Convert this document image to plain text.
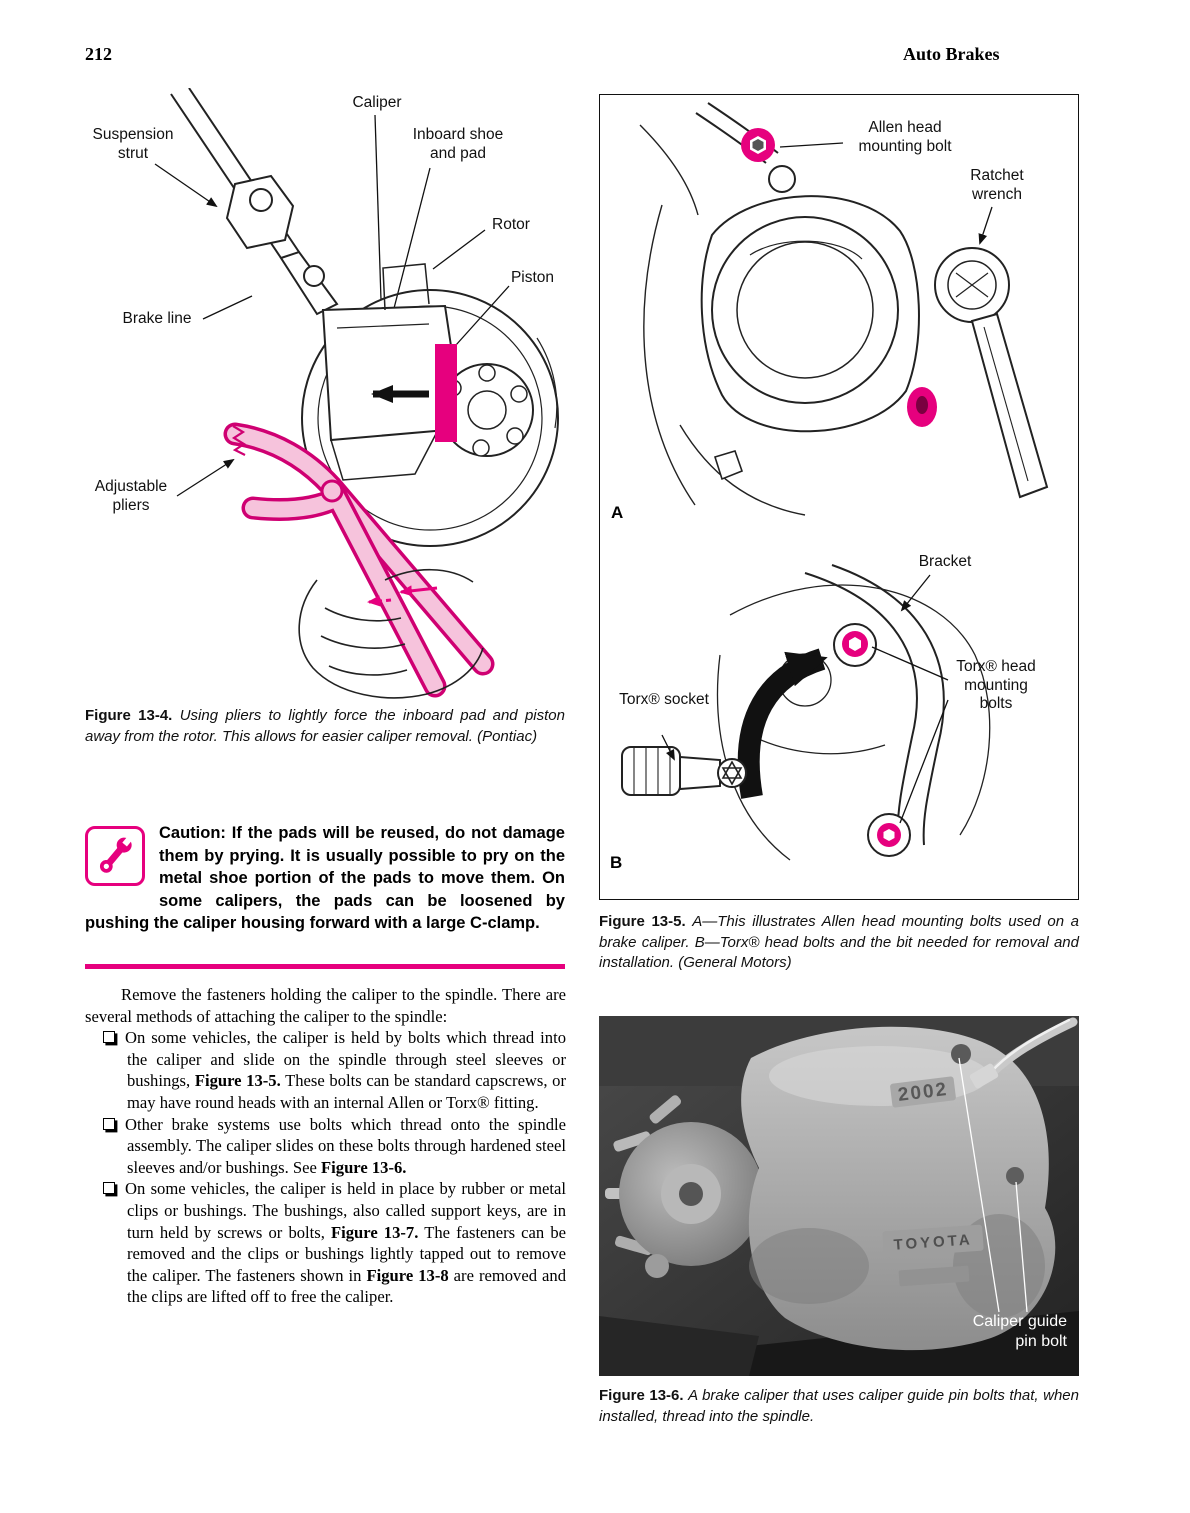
212	Auto Brakes
Caliper
Suspension strut
Inboard shoe and pad
Rotor
Piston
Brake line
Adjustable pliers

Figure 13-4. Using pliers to lightly force the inboard pad and piston away from the rotor. This allows for easier caliper removal. (Pontiac)

Caution: If the pads will be reused, do not damage them by prying. It is usually possible to pry on the metal shoe portion of the pads to move them. On some calipers, the pads can be loosened by pushing the caliper housing forward with a large C-clamp.

Remove the fasteners holding the caliper to the spindle. There are several methods of attaching the caliper to the spindle:

On some vehicles, the caliper is held by bolts which thread into the caliper and slide on the spindle through steel sleeves or bushings, Figure 13-5. These bolts can be standard capscrews, or may have round heads with an internal Allen or Torx® fitting.

Other brake systems use bolts which thread onto the spindle assembly. The caliper slides on these bolts through hardened steel sleeves and/or bushings. See Figure 13-6.

On some vehicles, the caliper is held in place by rubber or metal clips or bushings. The bushings, also called support keys, are in turn held by screws or bolts, Figure 13-7. The fasteners can be removed and the clips or bushings lightly tapped out to remove the caliper. The fasteners shown in Figure 13-8 are removed and the clips are lifted off to free the caliper.

Allen head mounting bolt
Ratchet wrench
A
Bracket
Torx® head mounting bolts
Torx® socket
B

Figure 13-5. A—This illustrates Allen head mounting bolts used on a brake caliper. B—Torx® head bolts and the bit needed for removal and installation. (General Motors)

2002
TOYOTA
Caliper guide pin bolt

Figure 13-6. A brake caliper that uses caliper guide pin bolts that, when installed, thread into the spindle.
